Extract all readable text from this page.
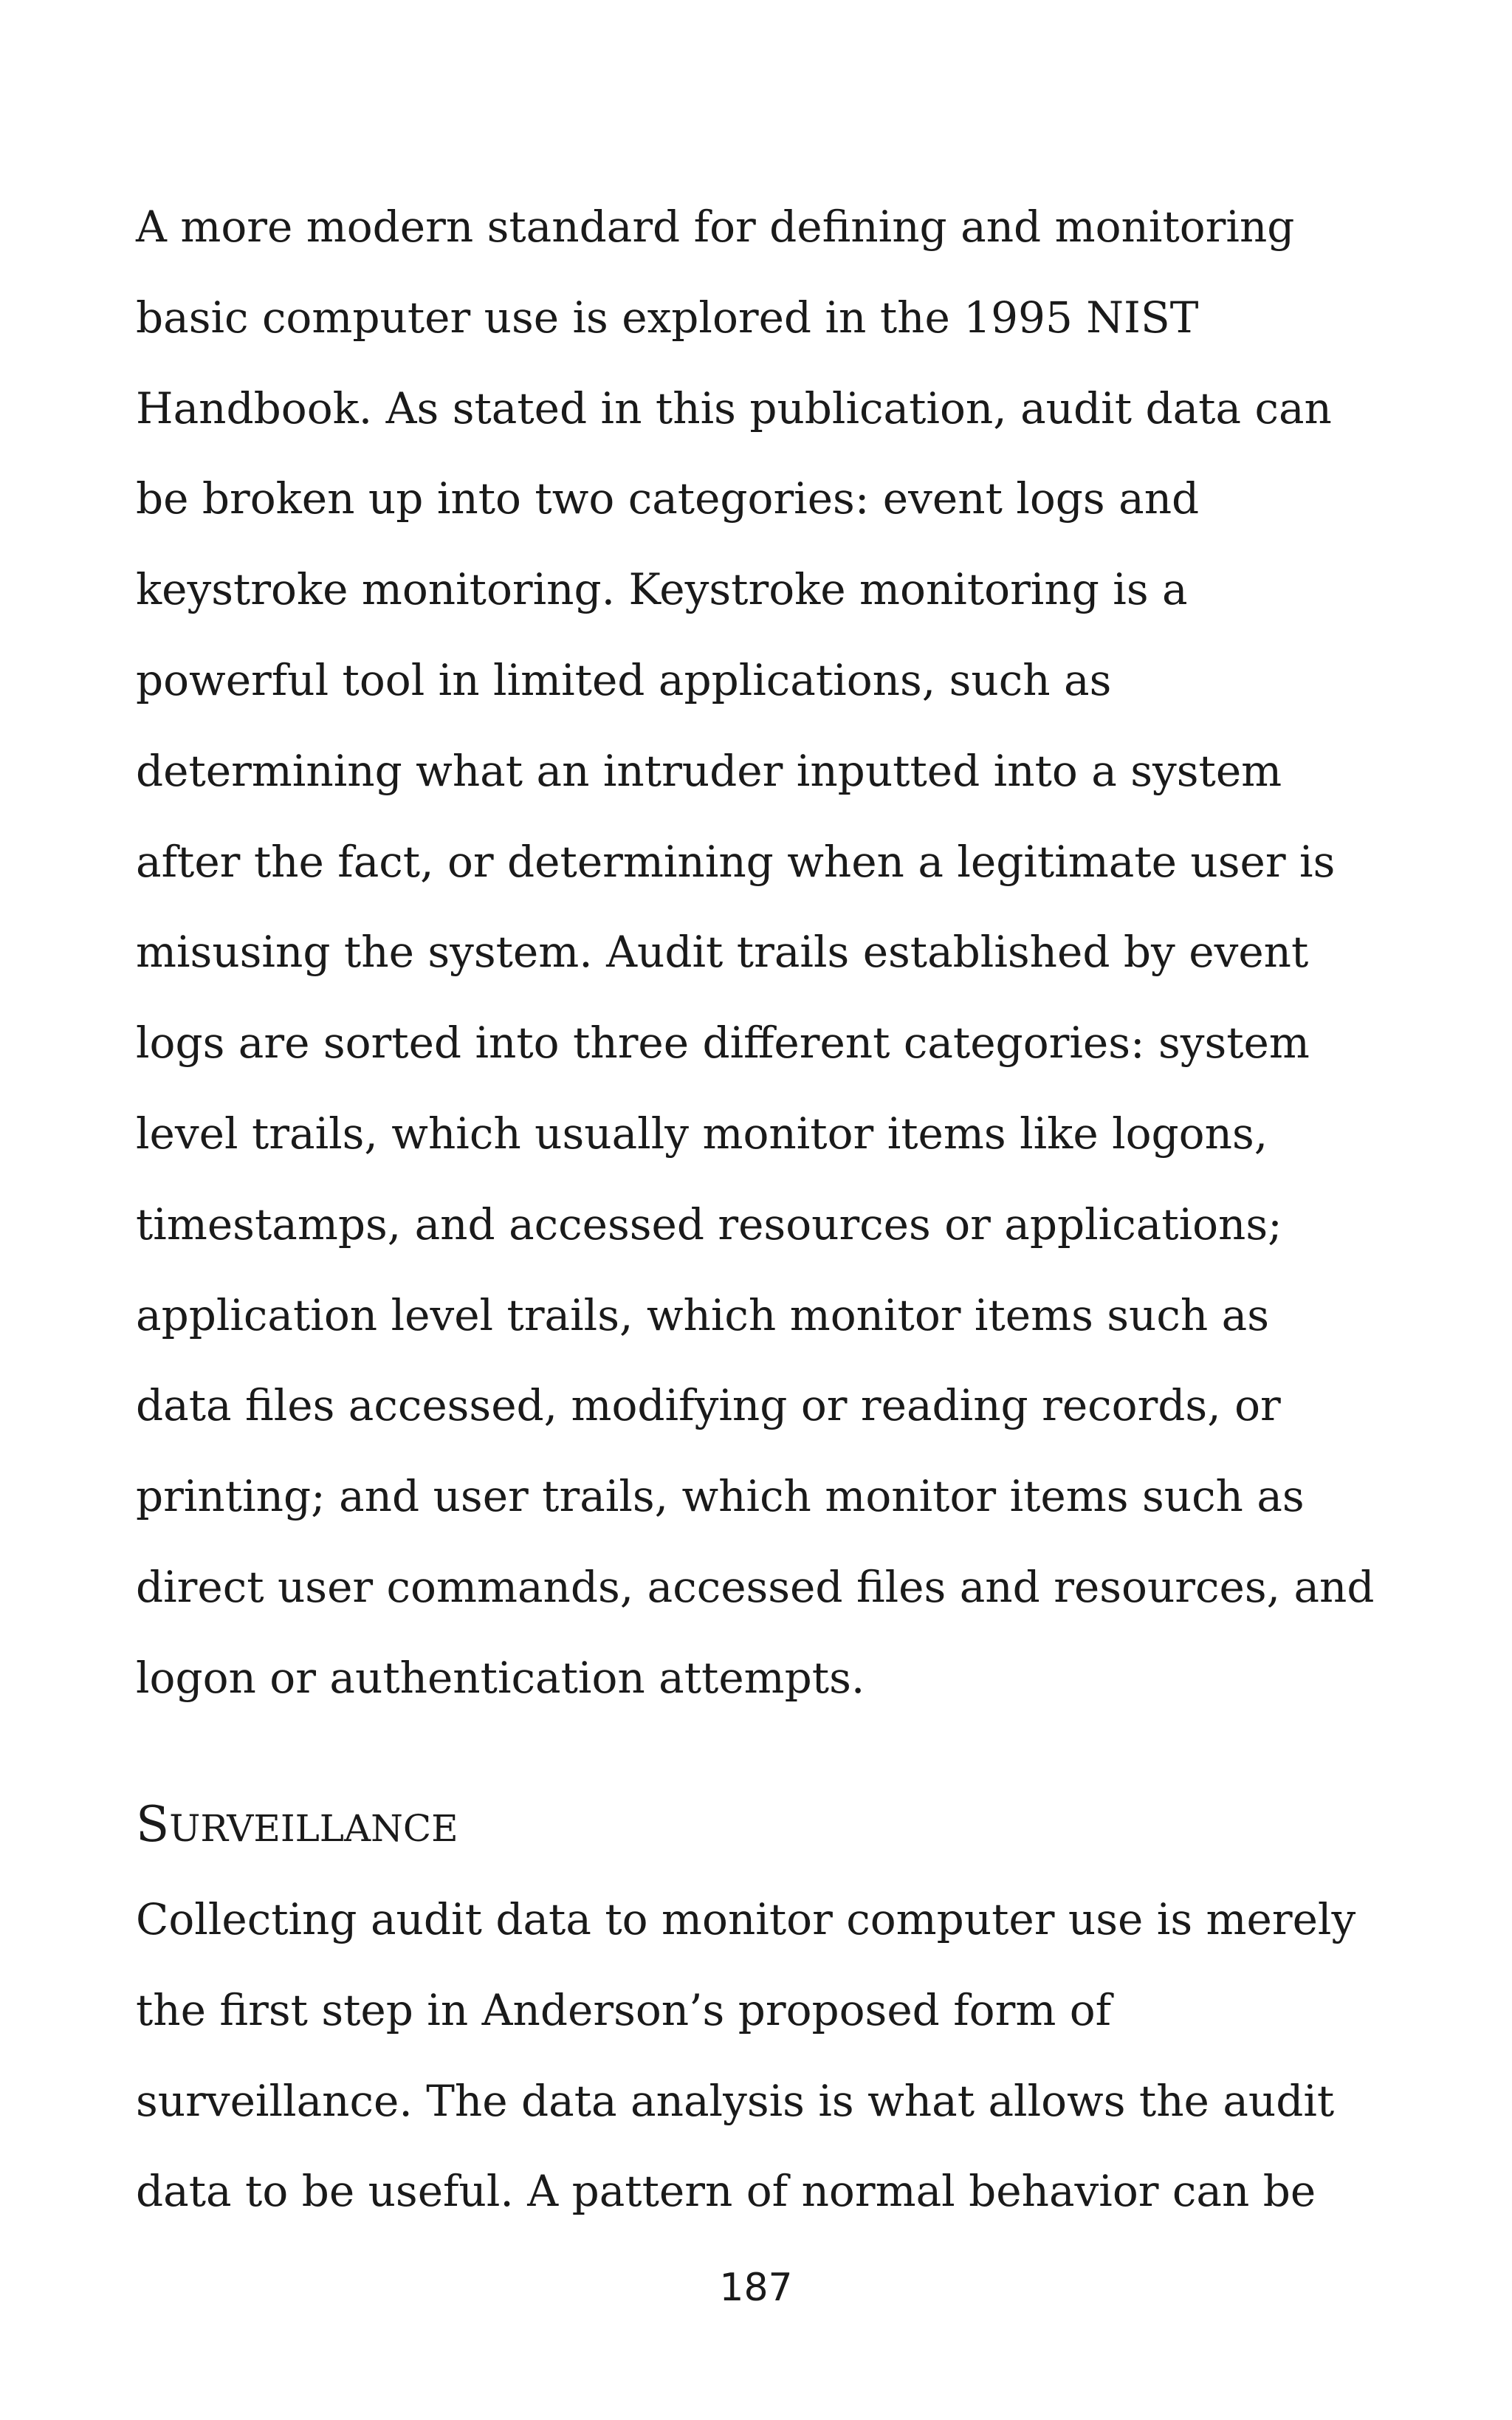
A more modern standard for defining and monitoring
basic computer use is explored in the 1995 NIST
Handbook. As stated in this publication, audit data can
be broken up into two categories: event logs and
keystroke monitoring. Keystroke monitoring is a
powerful tool in limited applications, such as
determining what an intruder inputted into a system
after the fact, or determining when a legitimate user is
misusing the system. Audit trails established by event
logs are sorted into three different categories: system
level trails, which usually monitor items like logons,
timestamps, and accessed resources or applications;
application level trails, which monitor items such as
data files accessed, modifying or reading records, or
printing; and user trails, which monitor items such as
direct user commands, accessed files and resources, and
logon or authentication attempts.
SURVEILLANCE
Collecting audit data to monitor computer use is merely
the first step in Anderson’s proposed form of
surveillance. The data analysis is what allows the audit
data to be useful. A pattern of normal behavior can be
187
